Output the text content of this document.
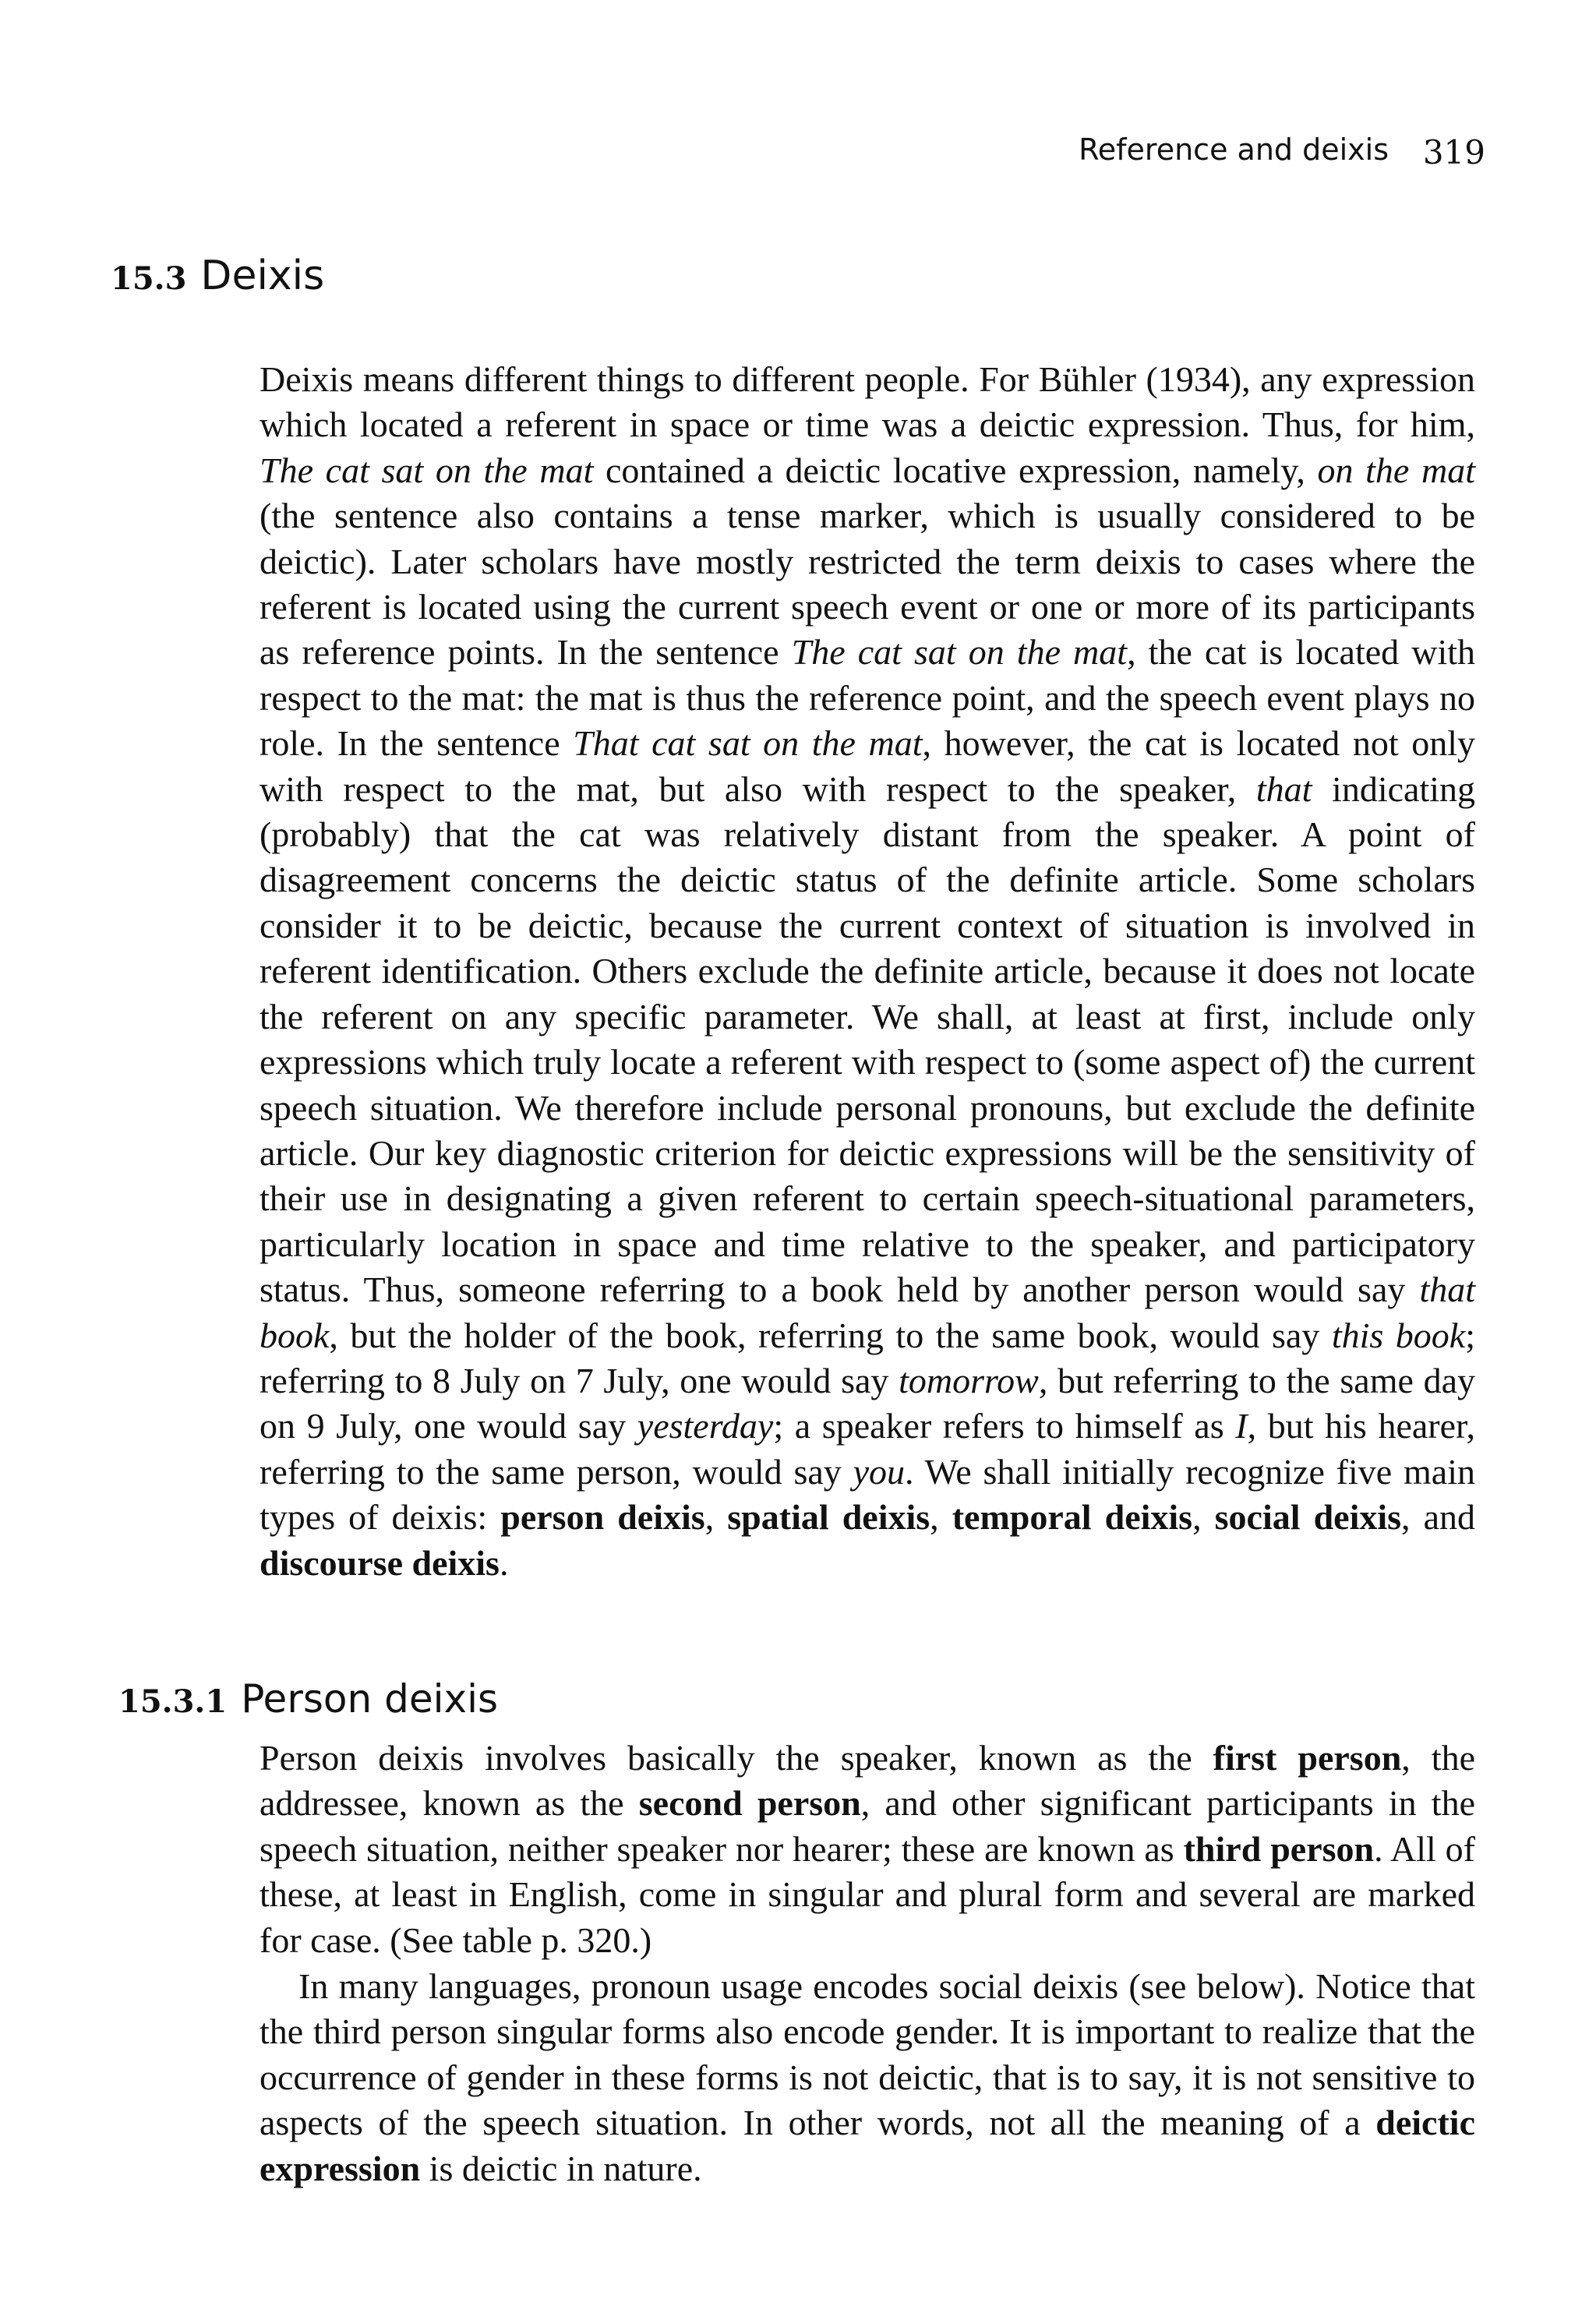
Reference and deixis 319
15.3 Deixis

Deixis means different things to different people. For Bühler (1934), any expression which located a referent in space or time was a deictic expression. Thus, for him, The cat sat on the mat contained a deictic locative expression, namely, on the mat (the sentence also contains a tense marker, which is usually considered to be deictic). Later scholars have mostly restricted the term deixis to cases where the referent is located using the current speech event or one or more of its participants as reference points. In the sentence The cat sat on the mat, the cat is located with respect to the mat: the mat is thus the reference point, and the speech event plays no role. In the sentence That cat sat on the mat, however, the cat is located not only with respect to the mat, but also with respect to the speaker, that indicating (probably) that the cat was relatively distant from the speaker. A point of disagreement concerns the deictic status of the definite article. Some scholars consider it to be deictic, because the current context of situation is involved in referent identification. Others exclude the definite article, because it does not locate the referent on any specific parameter. We shall, at least at first, include only expressions which truly locate a referent with respect to (some aspect of) the current speech situation. We therefore include personal pronouns, but exclude the definite article. Our key diagnostic criterion for deictic expressions will be the sensitivity of their use in designating a given referent to certain speech-situational parameters, particularly location in space and time relative to the speaker, and participatory status. Thus, someone referring to a book held by another person would say that book, but the holder of the book, referring to the same book, would say this book; referring to 8 July on 7 July, one would say tomorrow, but referring to the same day on 9 July, one would say yesterday; a speaker refers to himself as I, but his hearer, referring to the same person, would say you. We shall initially recognize five main types of deixis: person deixis, spatial deixis, temporal deixis, social deixis, and discourse deixis.

15.3.1 Person deixis

Person deixis involves basically the speaker, known as the first person, the addressee, known as the second person, and other significant participants in the speech situation, neither speaker nor hearer; these are known as third person. All of these, at least in English, come in singular and plural form and several are marked for case. (See table p. 320.)

In many languages, pronoun usage encodes social deixis (see below). Notice that the third person singular forms also encode gender. It is important to realize that the occurrence of gender in these forms is not deictic, that is to say, it is not sensitive to aspects of the speech situation. In other words, not all the meaning of a deictic expression is deictic in nature.
